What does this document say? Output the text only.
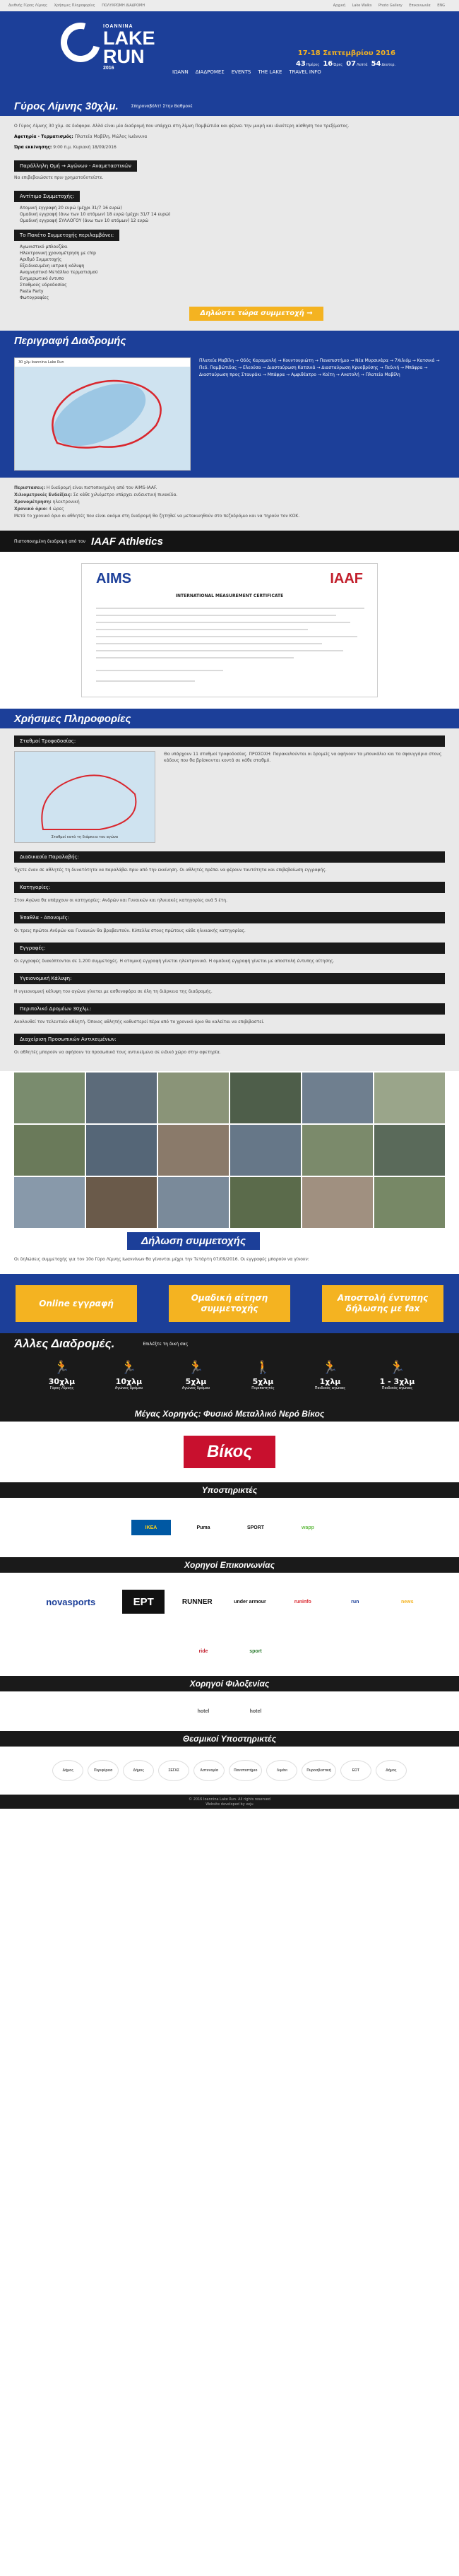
Διεθνής Γύρος Λίμνης Χρήσιμες Πληροφορίες ΠΟΛΥΧΡΩΜΗ ΔΙΑΔΡΟΜΗ	Αρχική Lake Walks Photo Gallery Επικοινωνία ENG
IOANNINA
LAKE
RUN
2016
ΙΩΑΝΝ ΔΙΑΔΡΟΜΕΣ EVENTS THE LAKE TRAVEL INFO
17-18 Σεπτεμβρίου 2016
43Ημέρες 16Ώρες 07Λεπτά 54Δευτερ.
Γύρος Λίμνης 30χλμ.	Σπηρονοβόλτ! Στην Βαθμονέ

Ο Γύρος Λίμνης 30 χλμ. σε διάφορα. Αλλά είναι μία διαδρομή που υπάρχει στη λίμνη Παμβώτιδα και φέρνει την μικρή και ιδιαίτερη αίσθηση του τρεξίματος.

Αφετηρία - Τερματισμός: Πλατεία Μαβίλη, Μώλος Ιωάννινα

Ώρα εκκίνησης: 9:00 π.μ. Κυριακή 18/09/2016

Παράλληλη Ομή → Αγώνων - Αναμεταστικών

Να επιβεβαιώσετε πριν χρηματοδοτείστε.

Αντίτιμο Συμμετοχής:
Ατομική εγγραφή 20 ευρώ (μέχρι 31/7 16 ευρώ)
Ομαδική εγγραφή (άνω των 10 ατόμων) 18 ευρώ (μέχρι 31/7 14 ευρώ)
Ομαδική εγγραφή ΣΥΛΛΟΓΟΥ (άνω των 10 ατόμων) 12 ευρώ
Το Πακέτο Συμμετοχής περιλαμβάνει:
Αγωνιστικό μπλουζάκι
Ηλεκτρονική χρονομέτρηση με chip
Αριθμό Συμμετοχής
Εξειδικευμένη ιατρική κάλυψη
Αναμνηστικό Μετάλλιο τερματισμού
Ενημερωτικό έντυπο
Σταθμούς υδροδοσίας
Pasta Party
Φωτογραφίες
Δηλώστε τώρα συμμετοχή →
Περιγραφή Διαδρομής
30 χλμ Ioannina Lake Run	Πλατεία Μαβίλη → Οδός Καραμανλή → Κουντουριώτη → Πανεπιστήμιο → Νέα Μυρσινάρα → 7Χιλιόμ → Κατσικά → Πεδ. Παμβώτιδας → Ελεούσα → Διασταύρωση Κατσικά → Διασταύρωση Κρυοβρύσης → Πεδινή → Μπάφρα → Διασταύρωση προς Σταυράκι → Μπάφρα → Αμφιθέατρο → Κοίτη → Ανατολή → Πλατεία Μαβίλη
Περιστασεις: Η διαδρομή είναι πιστοποιημένη από τον AIMS-IAAF.
Χιλιομετρικές Ενδείξεις: Σε κάθε χιλιόμετρο υπάρχει ενδεικτική πινακίδα.
Χρονομέτρηση: ηλεκτρονική
Χρονικό όριο: 4 ώρες

Μετά το χρονικό όριο οι αθλητές που είναι ακόμα στη διαδρομή θα ζητηθεί να μετακινηθούν στο πεζοδρόμιο και να τηρούν τον ΚΟΚ.

Πιστοποιημένη διαδρομή από τον IAAF Athletics
AIMS	IAAF
INTERNATIONAL MEASUREMENT CERTIFICATE
Χρήσιμες Πληροφορίες
Σταθμοί Τροφοδοσίας:
Σταθμοί κατά τη διάρκεια του αγώνα
Θα υπάρχουν 11 σταθμοί τροφοδοσίας. ΠΡΟΣΟΧΗ: Παρακαλούνται οι δρομείς να αφήνουν τα μπουκάλια και τα σφουγγάρια στους κάδους που θα βρίσκονται κοντά σε κάθε σταθμό.
Διαδικασία Παραλαβής:
Έχετε έναν σε αθλητές τη δυνατότητα να παραλάβει πριν από την εκκίνηση. Οι αθλητές πρέπει να φέρουν ταυτότητα και επιβεβαίωση εγγραφής.
Κατηγορίες:
Στον Αγώνα θα υπάρχουν οι κατηγορίες: Ανδρών και Γυναικών και ηλικιακές κατηγορίες ανά 5 έτη.
Έπαθλα - Απονομές:
Οι τρεις πρώτοι Ανδρών και Γυναικών θα βραβευτούν. Κύπελλα στους πρώτους κάθε ηλικιακής κατηγορίας.
Εγγραφές:
Οι εγγραφές διακόπτονται σε 1.200 συμμετοχές. Η ατομική εγγραφή γίνεται ηλεκτρονικά. Η ομαδική εγγραφή γίνεται με αποστολή έντυπης αίτησης.
Υγειονομική Κάλυψη:
Η υγειονομική κάλυψη του αγώνα γίνεται με ασθενοφόρα σε όλη τη διάρκεια της διαδρομής.
Περιπολικό Δρομέων 30χλμ.:
Ακολουθεί τον τελευταίο αθλητή. Όποιος αθλητής καθυστερεί πέρα από το χρονικό όριο θα καλείται να επιβιβαστεί.
Διαχείριση Προσωπικών Αντικειμένων:
Οι αθλητές μπορούν να αφήσουν τα προσωπικά τους αντικείμενα σε ειδικό χώρο στην αφετηρία.
Δήλωση συμμετοχής

Οι δηλώσεις συμμετοχής για τον 10ο Γύρο Λίμνης Ιωαννίνων θα γίνονται μέχρι την Τετάρτη 07/09/2016. Οι εγγραφές μπορούν να γίνουν:

Online εγγραφή
Ομαδική αίτηση συμμετοχής
Αποστολή έντυπης δήλωσης με fax
Άλλες Διαδρομές.	Επιλέξτε τη δική σας
🏃
30χλμ
Γύρος Λίμνης
🏃
10χλμ
Αγώνας δρόμου
🏃
5χλμ
Αγώνας δρόμου
🚶
5χλμ
Περιπατητές
🏃
1χλμ
Παιδικός αγώνας
🏃
1 - 3χλμ
Παιδικός αγώνας
Μέγας Χορηγός: Φυσικό Μεταλλικό Νερό Βίκος
Βίκος
Υποστηρικτές
IKEA	Puma	SPORT	wapp
Χορηγοί Επικοινωνίας
novasports	EPT	RUNNER	under armour	runinfo	run	news
ride	sport
Χορηγοί Φιλοξενίας
hotel	hotel
Θεσμικοί Υποστηρικτές
Δήμος	Περιφέρεια	Δήμος	ΣΕΓΑΣ	Αστυνομία	Πανεπιστήμιο	Λιμάνι	Πυροσβεστική	ΕΟΤ	Δήμος
© 2016 Ioannina Lake Run. All rights reserved
Website developed by xeju
